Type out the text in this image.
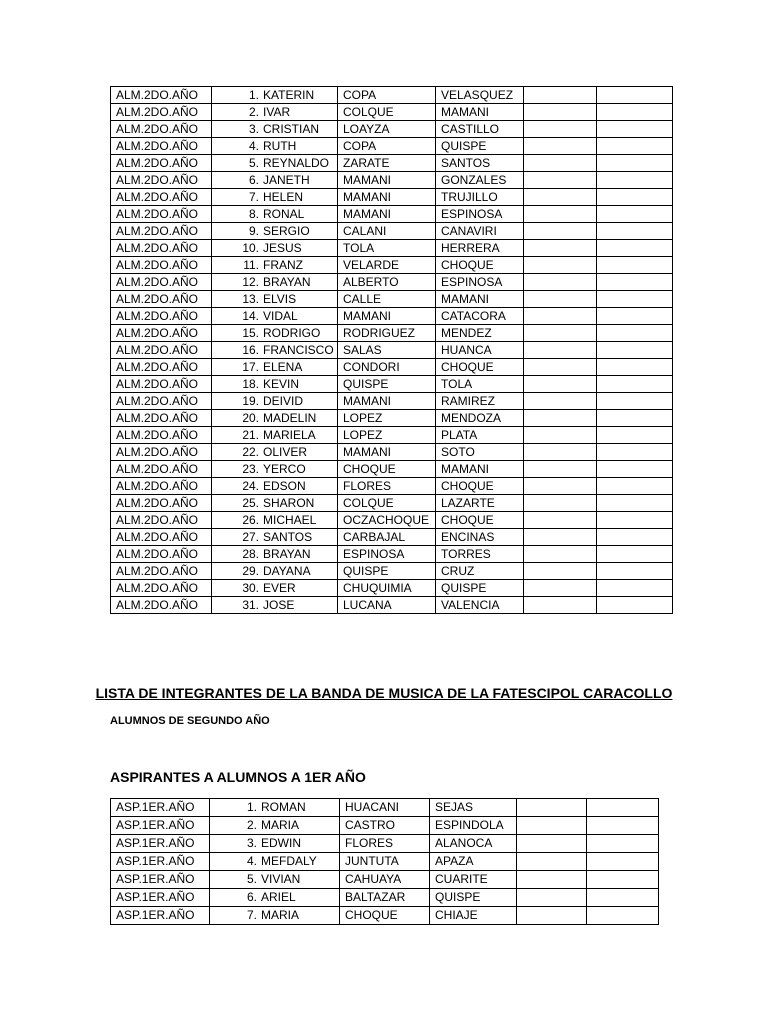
ALM.2DO.AÑO	1. KATERIN	COPA	VELASQUEZ		
ALM.2DO.AÑO	2. IVAR	COLQUE	MAMANI		
ALM.2DO.AÑO	3. CRISTIAN	LOAYZA	CASTILLO		
ALM.2DO.AÑO	4. RUTH	COPA	QUISPE		
ALM.2DO.AÑO	5. REYNALDO	ZARATE	SANTOS		
ALM.2DO.AÑO	6. JANETH	MAMANI	GONZALES		
ALM.2DO.AÑO	7. HELEN	MAMANI	TRUJILLO		
ALM.2DO.AÑO	8. RONAL	MAMANI	ESPINOSA		
ALM.2DO.AÑO	9. SERGIO	CALANI	CANAVIRI		
ALM.2DO.AÑO	10. JESUS	TOLA	HERRERA		
ALM.2DO.AÑO	11. FRANZ	VELARDE	CHOQUE		
ALM.2DO.AÑO	12. BRAYAN	ALBERTO	ESPINOSA		
ALM.2DO.AÑO	13. ELVIS	CALLE	MAMANI		
ALM.2DO.AÑO	14. VIDAL	MAMANI	CATACORA		
ALM.2DO.AÑO	15. RODRIGO	RODRIGUEZ	MENDEZ		
ALM.2DO.AÑO	16. FRANCISCO	SALAS	HUANCA		
ALM.2DO.AÑO	17. ELENA	CONDORI	CHOQUE		
ALM.2DO.AÑO	18. KEVIN	QUISPE	TOLA		
ALM.2DO.AÑO	19. DEIVID	MAMANI	RAMIREZ		
ALM.2DO.AÑO	20. MADELIN	LOPEZ	MENDOZA		
ALM.2DO.AÑO	21. MARIELA	LOPEZ	PLATA		
ALM.2DO.AÑO	22. OLIVER	MAMANI	SOTO		
ALM.2DO.AÑO	23. YERCO	CHOQUE	MAMANI		
ALM.2DO.AÑO	24. EDSON	FLORES	CHOQUE		
ALM.2DO.AÑO	25. SHARON	COLQUE	LAZARTE		
ALM.2DO.AÑO	26. MICHAEL	OCZACHOQUE	CHOQUE		
ALM.2DO.AÑO	27. SANTOS	CARBAJAL	ENCINAS		
ALM.2DO.AÑO	28. BRAYAN	ESPINOSA	TORRES		
ALM.2DO.AÑO	29. DAYANA	QUISPE	CRUZ		
ALM.2DO.AÑO	30. EVER	CHUQUIMIA	QUISPE		
ALM.2DO.AÑO	31. JOSE	LUCANA	VALENCIA		
LISTA DE INTEGRANTES DE LA BANDA DE MUSICA DE LA FATESCIPOL CARACOLLO
ALUMNOS DE SEGUNDO AÑO
ASPIRANTES A ALUMNOS A 1ER AÑO
ASP.1ER.AÑO	1. ROMAN	HUACANI	SEJAS		
ASP.1ER.AÑO	2. MARIA	CASTRO	ESPINDOLA		
ASP.1ER.AÑO	3. EDWIN	FLORES	ALANOCA		
ASP.1ER.AÑO	4. MEFDALY	JUNTUTA	APAZA		
ASP.1ER.AÑO	5. VIVIAN	CAHUAYA	CUARITE		
ASP.1ER.AÑO	6. ARIEL	BALTAZAR	QUISPE		
ASP.1ER.AÑO	7. MARIA	CHOQUE	CHIAJE		
